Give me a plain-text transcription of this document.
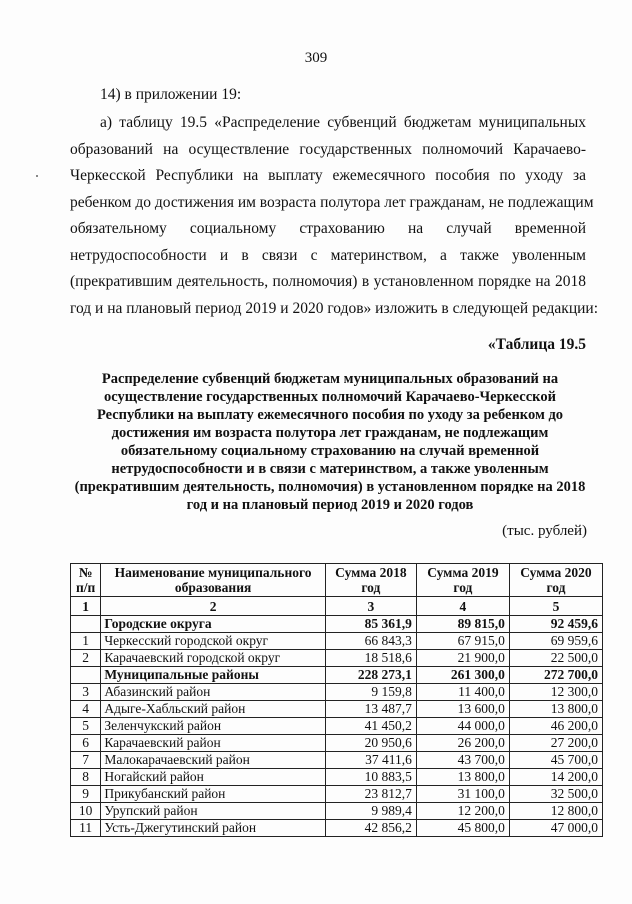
309
14) в приложении 19:
а) таблицу 19.5 «Распределение субвенций бюджетам муниципальных
образований на осуществление государственных полномочий Карачаево-
Черкесской Республики на выплату ежемесячного пособия по уходу за
ребенком до достижения им возраста полутора лет гражданам, не подлежащим
обязательному социальному страхованию на случай временной
нетрудоспособности и в связи с материнством, а также уволенным
(прекратившим деятельность, полномочия) в установленном порядке на 2018
год и на плановый период 2019 и 2020 годов» изложить в следующей редакции:
«Таблица 19.5
Распределение субвенций бюджетам муниципальных образований на осуществление государственных полномочий Карачаево-Черкесской Республики на выплату ежемесячного пособия по уходу за ребенком до достижения им возраста полутора лет гражданам, не подлежащим обязательному социальному страхованию на случай временной нетрудоспособности и в связи с материнством, а также уволенным (прекратившим деятельность, полномочия) в установленном порядке на 2018 год и на плановый период 2019 и 2020 годов
(тыс. рублей)
№ п/п	Наименование муниципального образования	Сумма 2018 год	Сумма 2019 год	Сумма 2020 год
1	2	3	4	5
	Городские округа	85 361,9	89 815,0	92 459,6
1	Черкесский городской округ	66 843,3	67 915,0	69 959,6
2	Карачаевский городской округ	18 518,6	21 900,0	22 500,0
	Муниципальные районы	228 273,1	261 300,0	272 700,0
3	Абазинский район	9 159,8	11 400,0	12 300,0
4	Адыге-Хабльский район	13 487,7	13 600,0	13 800,0
5	Зеленчукский район	41 450,2	44 000,0	46 200,0
6	Карачаевский район	20 950,6	26 200,0	27 200,0
7	Малокарачаевский район	37 411,6	43 700,0	45 700,0
8	Ногайский район	10 883,5	13 800,0	14 200,0
9	Прикубанский район	23 812,7	31 100,0	32 500,0
10	Урупский район	9 989,4	12 200,0	12 800,0
11	Усть-Джегутинский район	42 856,2	45 800,0	47 000,0
